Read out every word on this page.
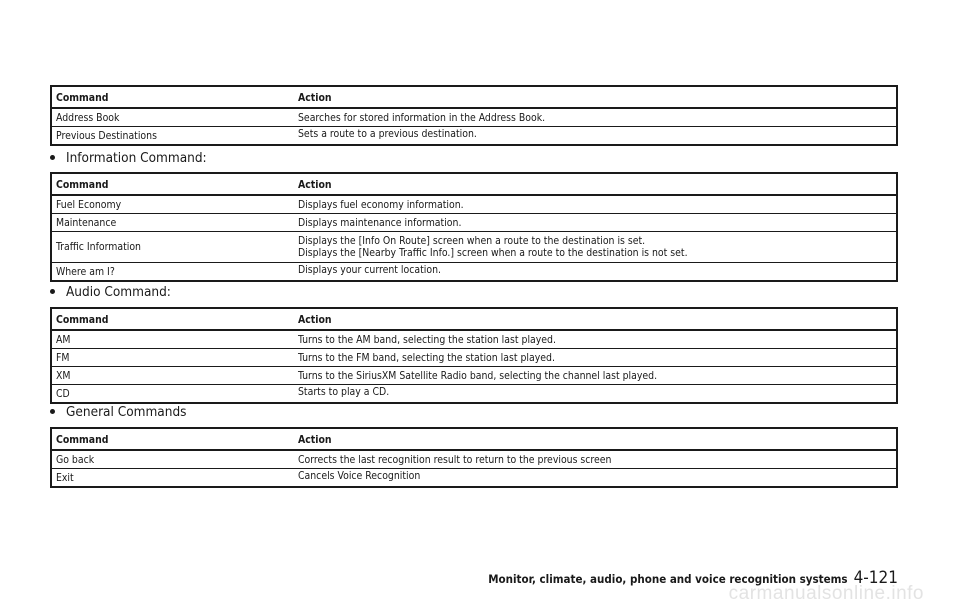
Command	Action
Address Book	Searches for stored information in the Address Book.
Previous Destinations	Sets a route to a previous destination.
Information Command:
Command	Action
Fuel Economy	Displays fuel economy information.
Maintenance	Displays maintenance information.
Traffic Information	Displays the [Info On Route] screen when a route to the destination is set.
Displays the [Nearby Traffic Info.] screen when a route to the destination is not set.

Where am I?	Displays your current location.
Audio Command:
Command	Action
AM	Turns to the AM band, selecting the station last played.
FM	Turns to the FM band, selecting the station last played.
XM	Turns to the SiriusXM Satellite Radio band, selecting the channel last played.
CD	Starts to play a CD.
General Commands
Command	Action
Go back	Corrects the last recognition result to return to the previous screen
Exit	Cancels Voice Recognition
Monitor, climate, audio, phone and voice recognition systems 4-121
carmanualsonline.info
